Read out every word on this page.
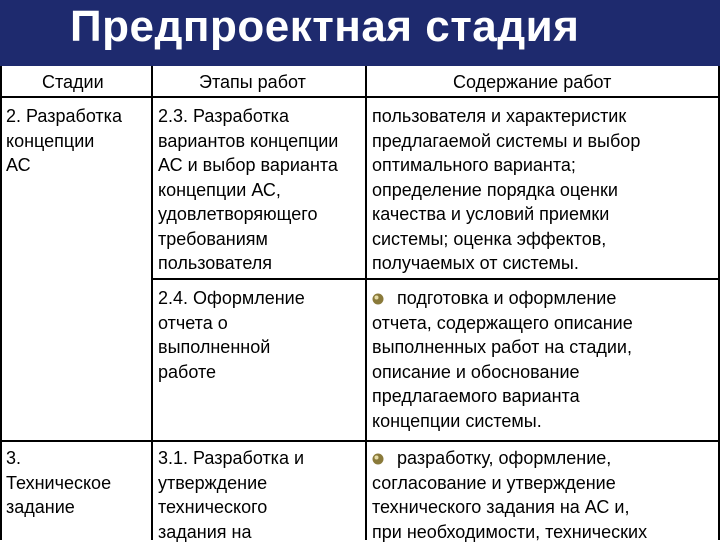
Предпроектная стадия
Стадии	Этапы работ	Содержание работ
2. Разработка
концепции
АС
2.3. Разработка
вариантов концепции
АС и выбор варианта
концепции АС,
удовлетворяющего
требованиям
пользователя
пользователя и характеристик
предлагаемой системы и выбор
оптимального варианта;
определение порядка оценки
качества и условий приемки
системы; оценка эффектов,
получаемых от системы.
2.4. Оформление
отчета о
выполненной
работе
подготовка и оформление
отчета, содержащего описание
выполненных работ на стадии,
описание и обоснование
предлагаемого варианта
концепции системы.
3.
Техническое
задание
3.1. Разработка и
утверждение
технического
задания на
разработку, оформление,
согласование и утверждение
технического задания на АС и,
при необходимости, технических
